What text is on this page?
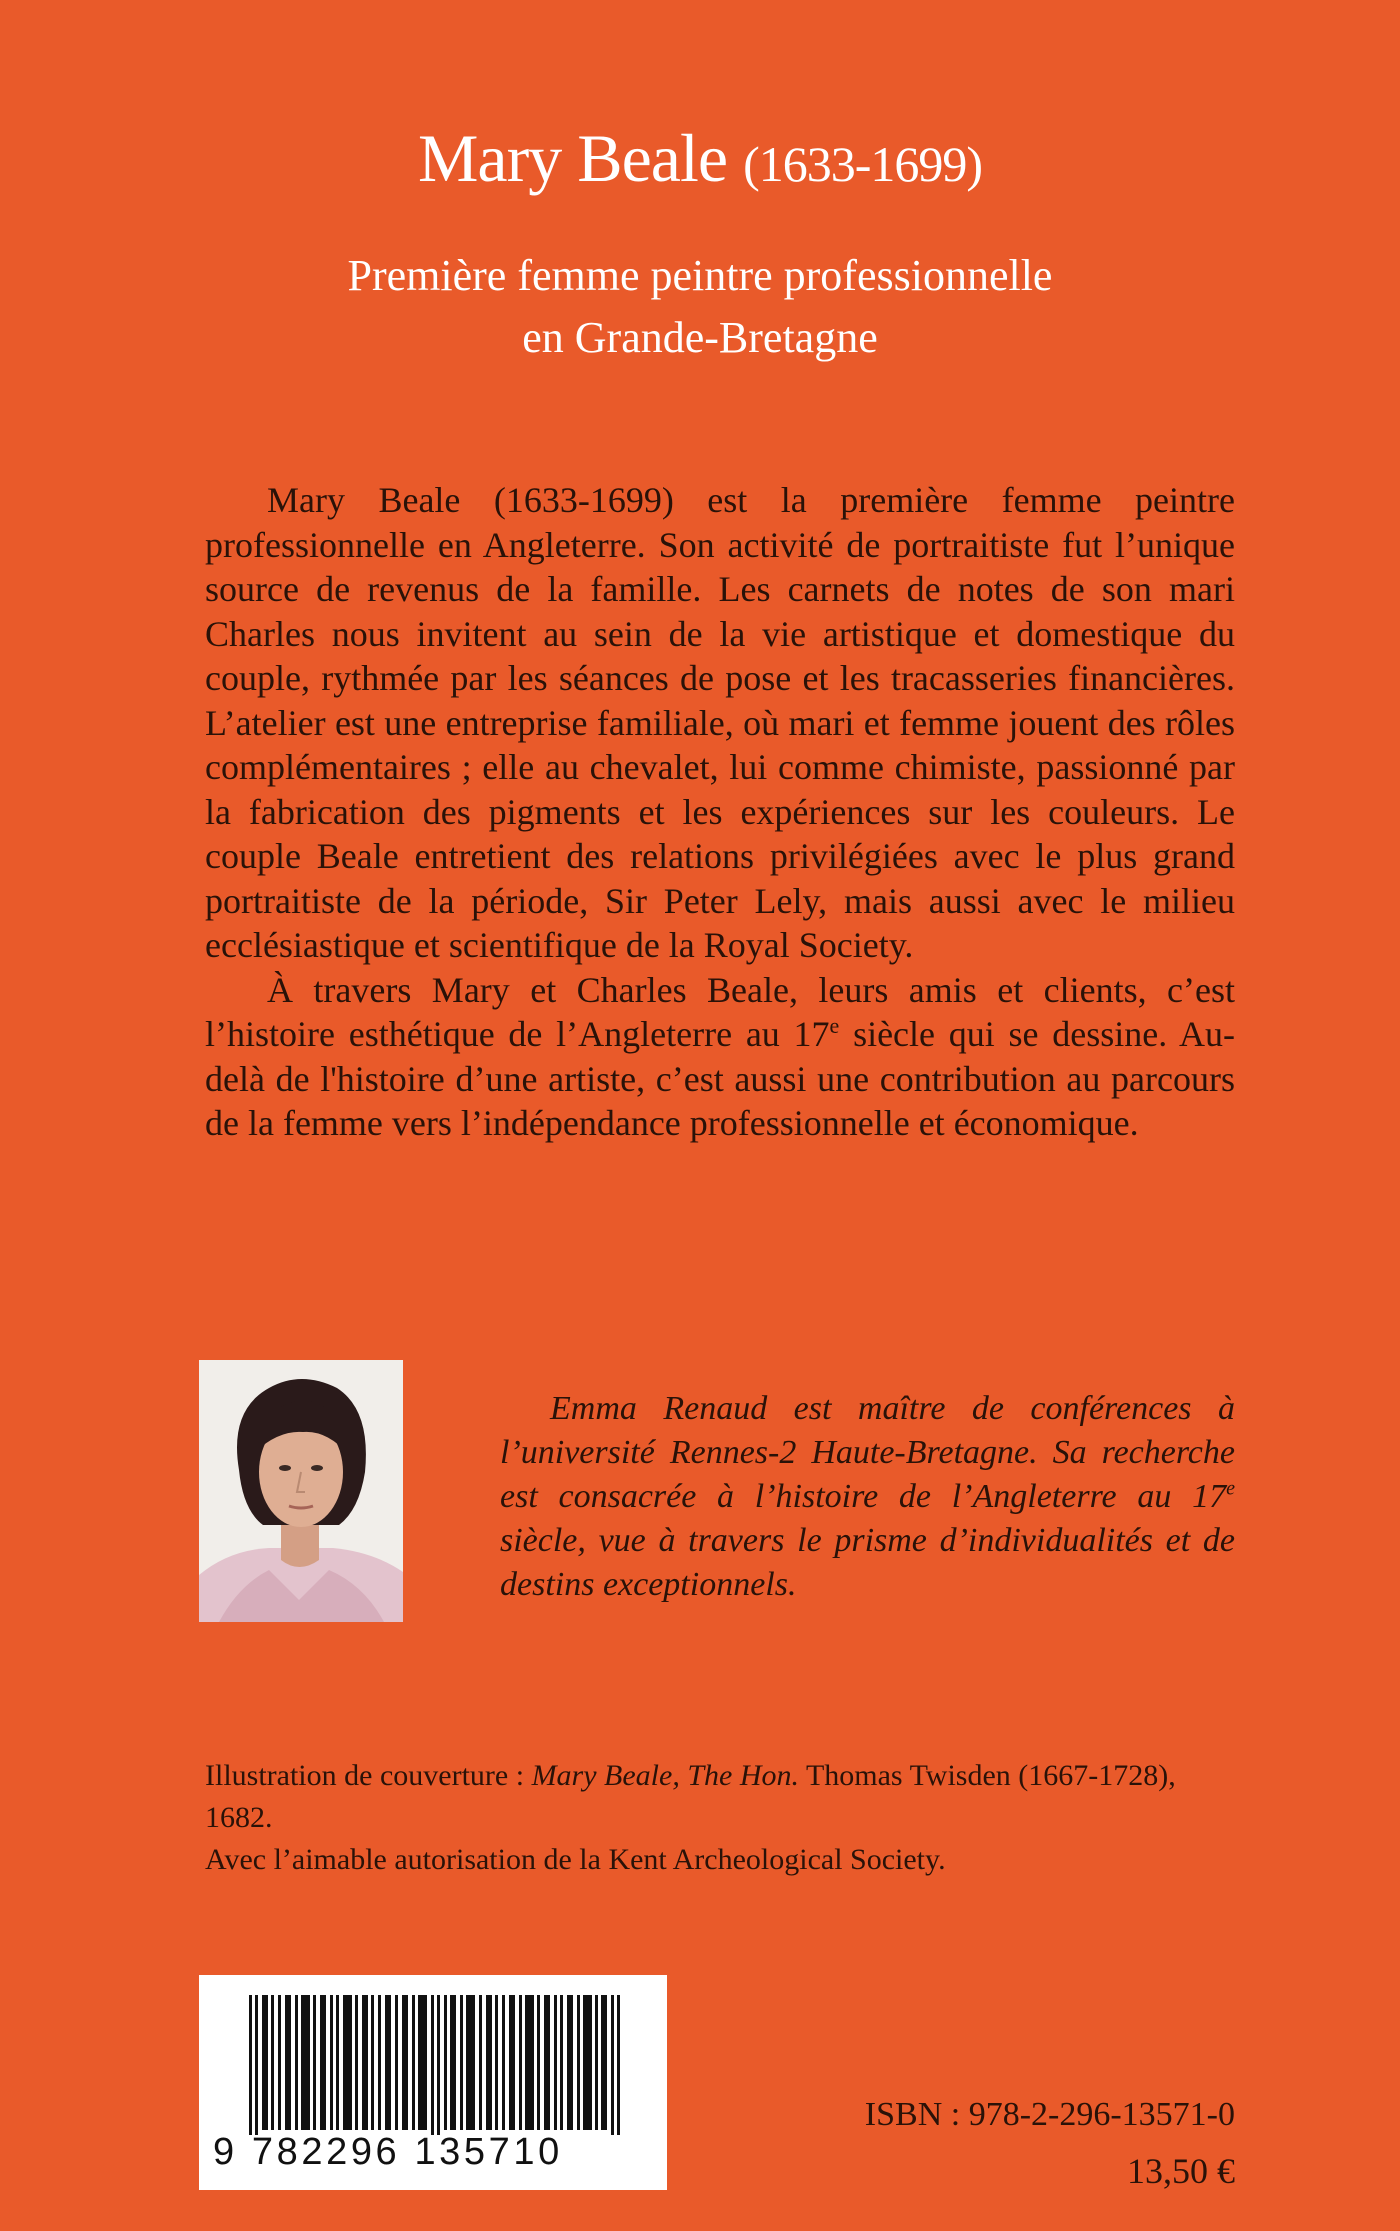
Mary Beale (1633-1699)
Première femme peintre professionnelle
en Grande-Bretagne

Mary Beale (1633-1699) est la première femme peintre professionnelle en Angleterre. Son activité de portraitiste fut l’unique source de revenus de la famille. Les carnets de notes de son mari Charles nous invitent au sein de la vie artistique et domestique du couple, rythmée par les séances de pose et les tracasseries financières. L’atelier est une entreprise familiale, où mari et femme jouent des rôles complémentaires ; elle au chevalet, lui comme chimiste, passionné par la fabrication des pigments et les expériences sur les couleurs. Le couple Beale entretient des relations privilégiées avec le plus grand portraitiste de la période, Sir Peter Lely, mais aussi avec le milieu ecclésiastique et scientifique de la Royal Society.

À travers Mary et Charles Beale, leurs amis et clients, c’est l’histoire esthétique de l’Angleterre au 17e siècle qui se dessine. Au-delà de l'histoire d’une artiste, c’est aussi une contribution au parcours de la femme vers l’indépendance professionnelle et économique.

Emma Renaud est maître de conférences à l’université Rennes-2 Haute-Bretagne. Sa recherche est consacrée à l’histoire de l’Angleterre au 17e siècle, vue à travers le prisme d’individualités et de destins exceptionnels.

Illustration de couverture : Mary Beale, The Hon. Thomas Twisden (1667-1728), 1682.

Avec l’aimable autorisation de la Kent Archeological Society.

9 782296 135710
ISBN : 978-2-296-13571-0
13,50 €
